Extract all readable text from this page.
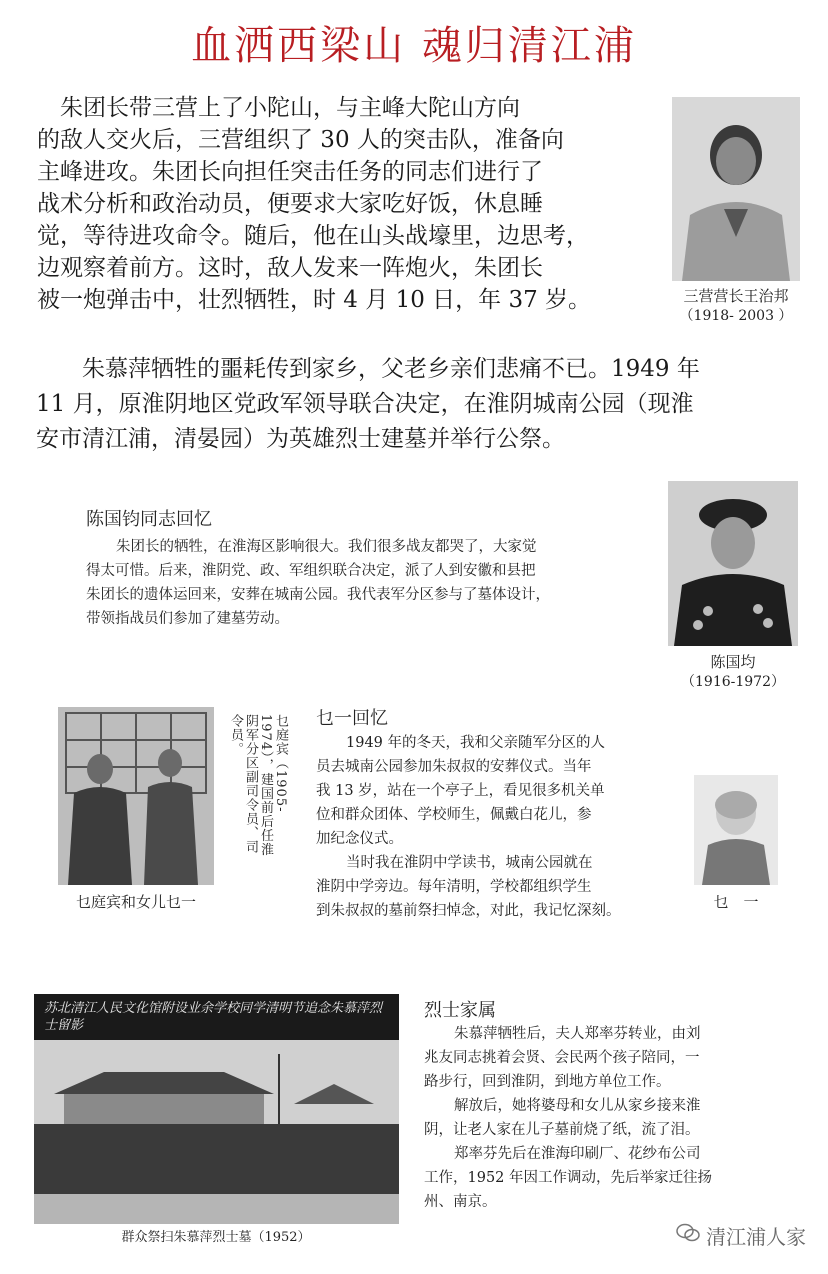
血洒西梁山 魂归清江浦
朱团长带三营上了小陀山，与主峰大陀山方向
的敌人交火后，三营组织了 30 人的突击队，准备向
主峰进攻。朱团长向担任突击任务的同志们进行了
战术分析和政治动员，便要求大家吃好饭，休息睡
觉，等待进攻命令。随后，他在山头战壕里，边思考，
边观察着前方。这时，敌人发来一阵炮火，朱团长
被一炮弹击中，壮烈牺牲，时 4 月 10 日，年 37 岁。	三营营长王治邦
（1918- 2003 ）
朱慕萍牺牲的噩耗传到家乡，父老乡亲们悲痛不已。1949 年
11 月，原淮阴地区党政军领导联合决定，在淮阴城南公园（现淮
安市清江浦，清晏园）为英雄烈士建墓并举行公祭。
陈国钧同志回忆
朱团长的牺牲，在淮海区影响很大。我们很多战友都哭了，大家觉
得太可惜。后来，淮阴党、政、军组织联合决定，派了人到安徽和县把
朱团长的遗体运回来，安葬在城南公园。我代表军分区参与了墓体设计，
带领指战员们参加了建墓劳动。
陈国均
（1916-1972）
乜庭宾和女儿乜一
乜庭宾（1905-1974），建国前后任淮阴军分区副司令员、司令员。	乜一回忆
1949 年的冬天，我和父亲随军分区的人
员去城南公园参加朱叔叔的安葬仪式。当年
我 13 岁，站在一个亭子上，看见很多机关单
位和群众团体、学校师生，佩戴白花儿，参
加纪念仪式。
当时我在淮阴中学读书，城南公园就在
淮阴中学旁边。每年清明，学校都组织学生
到朱叔叔的墓前祭扫悼念，对此，我记忆深刻。	乜　一
苏北清江人民文化馆附设业余学校同学清明节追念朱慕萍烈士留影
群众祭扫朱慕萍烈士墓（1952）
烈士家属
朱慕萍牺牲后，夫人郑率芬转业，由刘
兆友同志挑着会贤、会民两个孩子陪同，一
路步行，回到淮阴，到地方单位工作。
解放后，她将婆母和女儿从家乡接来淮
阴，让老人家在儿子墓前烧了纸，流了泪。
郑率芬先后在淮海印刷厂、花纱布公司
工作，1952 年因工作调动，先后举家迁往扬
州、南京。
清江浦人家
